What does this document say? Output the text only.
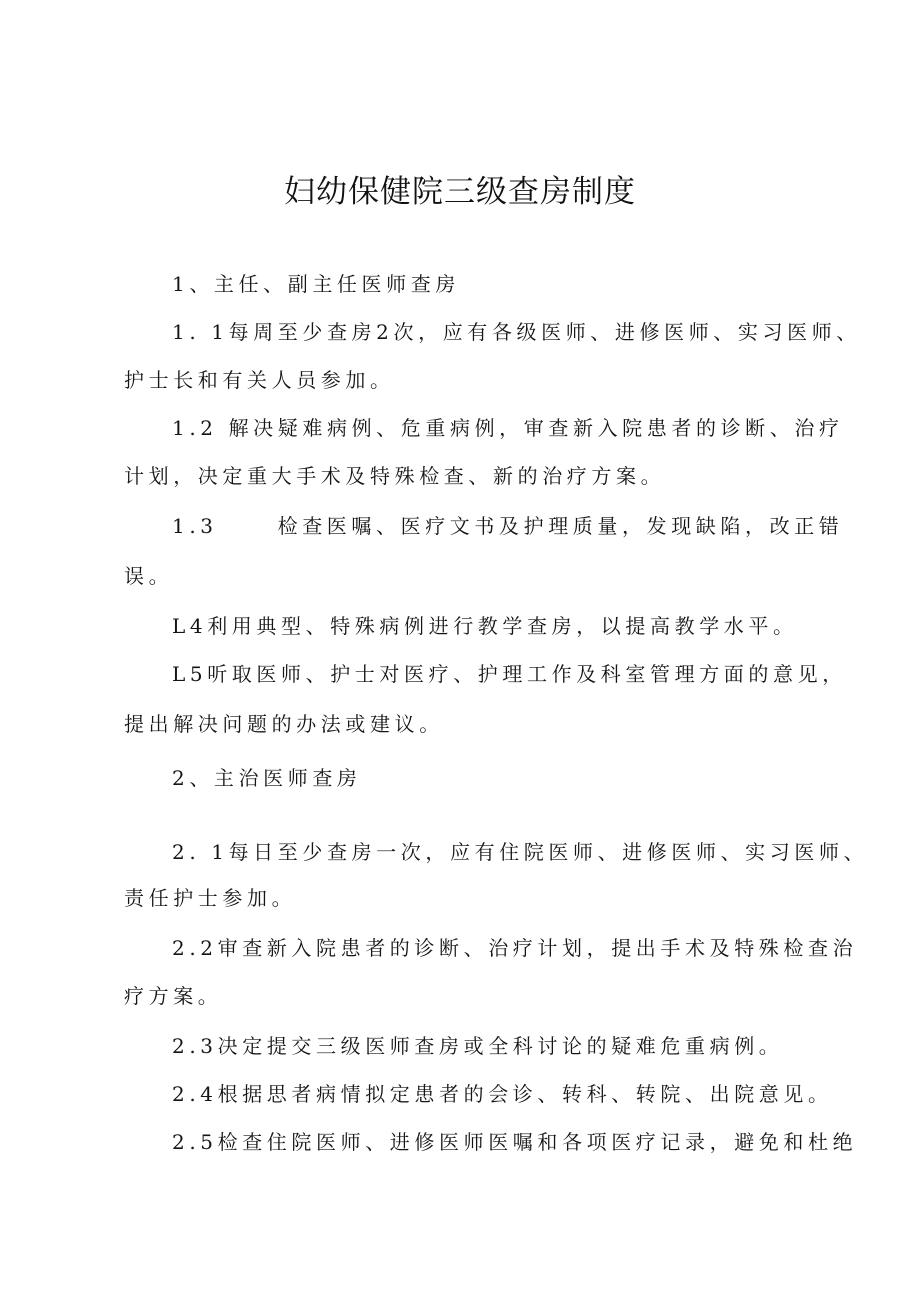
妇幼保健院三级查房制度
1、主任、副主任医师查房
1. 1每周至少查房2次，应有各级医师、进修医师、实习医师、
护士长和有关人员参加。
1.2 解决疑难病例、危重病例，审查新入院患者的诊断、治疗
计划，决定重大手术及特殊检查、新的治疗方案。
1.3	检查医嘱、医疗文书及护理质量，发现缺陷，改正错
误。
L4利用典型、特殊病例进行教学查房，以提高教学水平。
L5听取医师、护士对医疗、护理工作及科室管理方面的意见，
提出解决问题的办法或建议。
2、主治医师查房
2. 1每日至少查房一次，应有住院医师、进修医师、实习医师、
责任护士参加。
2.2审查新入院患者的诊断、治疗计划，提出手术及特殊检查治
疗方案。
2.3决定提交三级医师查房或全科讨论的疑难危重病例。
2.4根据思者病情拟定患者的会诊、转科、转院、出院意见。
2.5检查住院医师、进修医师医嘱和各项医疗记录，避免和杜绝
